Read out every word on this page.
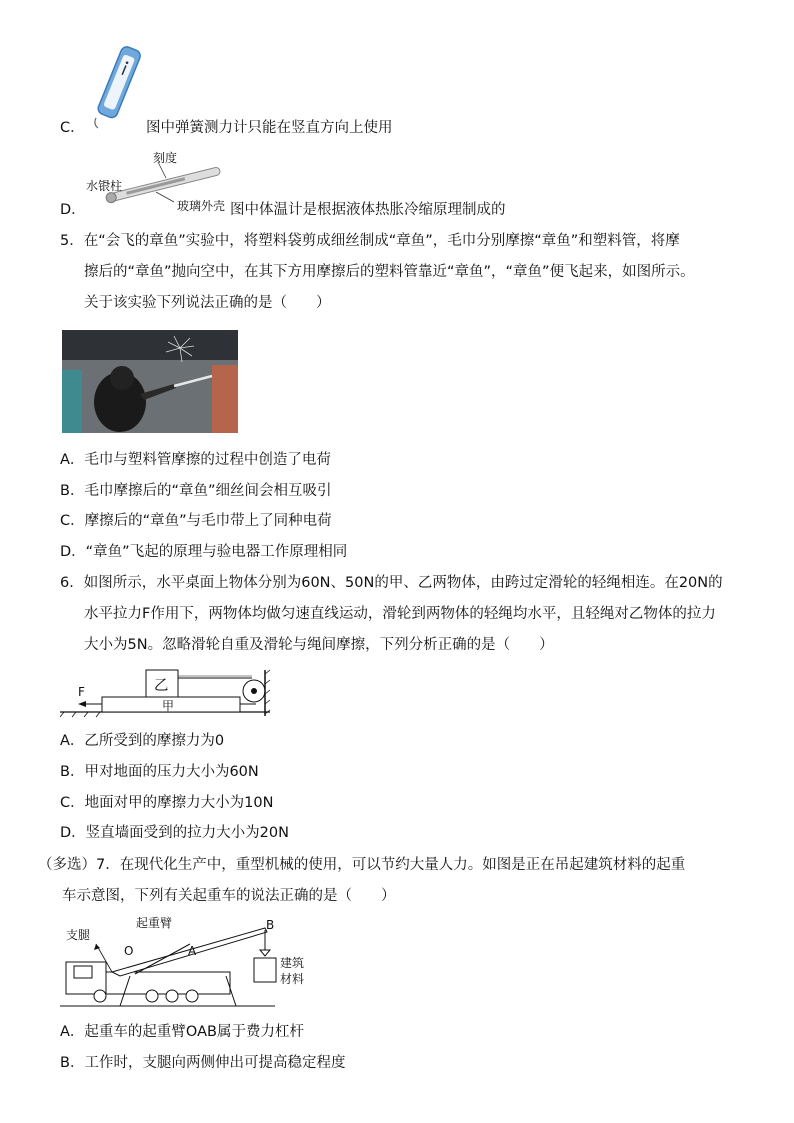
C．	图中弹簧测力计只能在竖直方向上使用
刻度
水银柱
玻璃外壳
D．	图中体温计是根据液体热胀冷缩原理制成的
5．在“会飞的章鱼”实验中，将塑料袋剪成细丝制成“章鱼”，毛巾分别摩擦“章鱼”和塑料管，将摩
擦后的“章鱼”抛向空中，在其下方用摩擦后的塑料管靠近“章鱼”，“章鱼”便飞起来，如图所示。
关于该实验下列说法正确的是（　　）
A．毛巾与塑料管摩擦的过程中创造了电荷
B．毛巾摩擦后的“章鱼”细丝间会相互吸引
C．摩擦后的“章鱼”与毛巾带上了同种电荷
D．“章鱼”飞起的原理与验电器工作原理相同
6．如图所示，水平桌面上物体分别为60N、50N的甲、乙两物体，由跨过定滑轮的轻绳相连。在20N的
水平拉力F作用下，两物体均做匀速直线运动，滑轮到两物体的轻绳均水平，且轻绳对乙物体的拉力
大小为5N。忽略滑轮自重及滑轮与绳间摩擦，下列分析正确的是（　　）
F	乙
甲
A．乙所受到的摩擦力为0
B．甲对地面的压力大小为60N
C．地面对甲的摩擦力大小为10N
D．竖直墙面受到的拉力大小为20N
（多选）7．在现代化生产中，重型机械的使用，可以节约大量人力。如图是正在吊起建筑材料的起重
车示意图，下列有关起重车的说法正确的是（　　）
起重臂
支腿
O	A
B
建筑
材料
A．起重车的起重臂OAB属于费力杠杆
B．工作时，支腿向两侧伸出可提高稳定程度
